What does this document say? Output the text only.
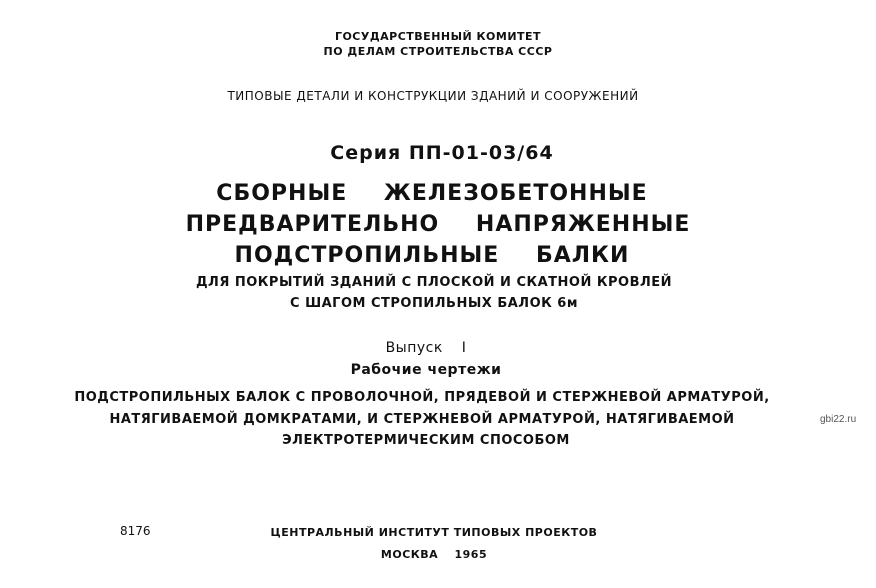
ГОСУДАРСТВЕННЫЙ КОМИТЕТ
ПО ДЕЛАМ СТРОИТЕЛЬСТВА СССР
ТИПОВЫЕ ДЕТАЛИ И КОНСТРУКЦИИ ЗДАНИЙ И СООРУЖЕНИЙ
Серия ПП-01-03/64
СБОРНЫЕ ЖЕЛЕЗОБЕТОННЫЕ
ПРЕДВАРИТЕЛЬНО НАПРЯЖЕННЫЕ
ПОДСТРОПИЛЬНЫЕ БАЛКИ
ДЛЯ ПОКРЫТИЙ ЗДАНИЙ С ПЛОСКОЙ И СКАТНОЙ КРОВЛЕЙ
С ШАГОМ СТРОПИЛЬНЫХ БАЛОК 6м
Выпуск I
Рабочие чертежи
ПОДСТРОПИЛЬНЫХ БАЛОК С ПРОВОЛОЧНОЙ, ПРЯДЕВОЙ И СТЕРЖНЕВОЙ АРМАТУРОЙ,
НАТЯГИВАЕМОЙ ДОМКРАТАМИ, И СТЕРЖНЕВОЙ АРМАТУРОЙ, НАТЯГИВАЕМОЙ
ЭЛЕКТРОТЕРМИЧЕСКИМ СПОСОБОМ
gbi22.ru
8176	ЦЕНТРАЛЬНЫЙ ИНСТИТУТ ТИПОВЫХ ПРОЕКТОВ
МОСКВА 1965
